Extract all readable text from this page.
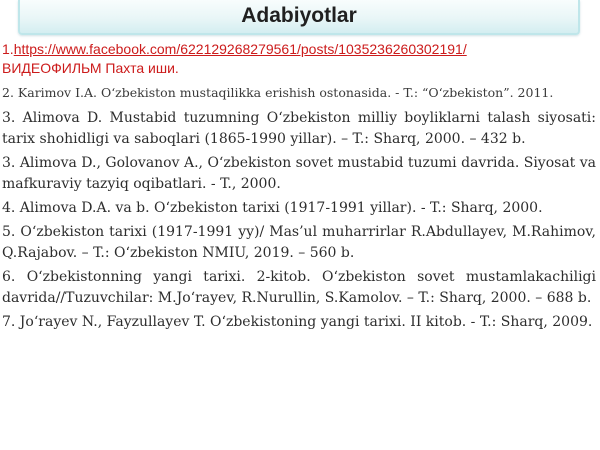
Adabiyotlar

1.https://www.facebook.com/622129268279561/posts/1035236260302191/
ВИДЕОФИЛЬМ Пахта иши.

2. Karimov I.A. O‘zbekiston mustaqilikka erishish ostonasida. - T.: “O‘zbekiston”. 2011.

3. Alimova D. Mustabid tuzumning O‘zbekiston milliy boyliklarni talash siyosati: tarix shohidligi va saboqlari (1865-1990 yillar). – T.: Sharq, 2000. – 432 b.

3. Alimova D., Golovanov A., O‘zbekiston sovet mustabid tuzumi davrida. Siyosat va mafkuraviy tazyiq oqibatlari. - T., 2000.

4. Alimova D.A. va b. O‘zbekiston tarixi (1917-1991 yillar). - T.: Sharq, 2000.

5. O‘zbekiston tarixi (1917-1991 yy)/ Mas’ul muharrirlar R.Abdullayev, M.Rahimov, Q.Rajabov. – T.: O‘zbekiston NMIU, 2019. – 560 b.

6. O‘zbekistonning yangi tarixi. 2-kitob. O‘zbekiston sovet mustamlakachiligi davrida//Tuzuvchilar: M.Jo‘rayev, R.Nurullin, S.Kamolov. – T.: Sharq, 2000. – 688 b.

7. Jo‘rayev N., Fayzullayev T. O‘zbekistoning yangi tarixi. II kitob. - T.: Sharq, 2009.
